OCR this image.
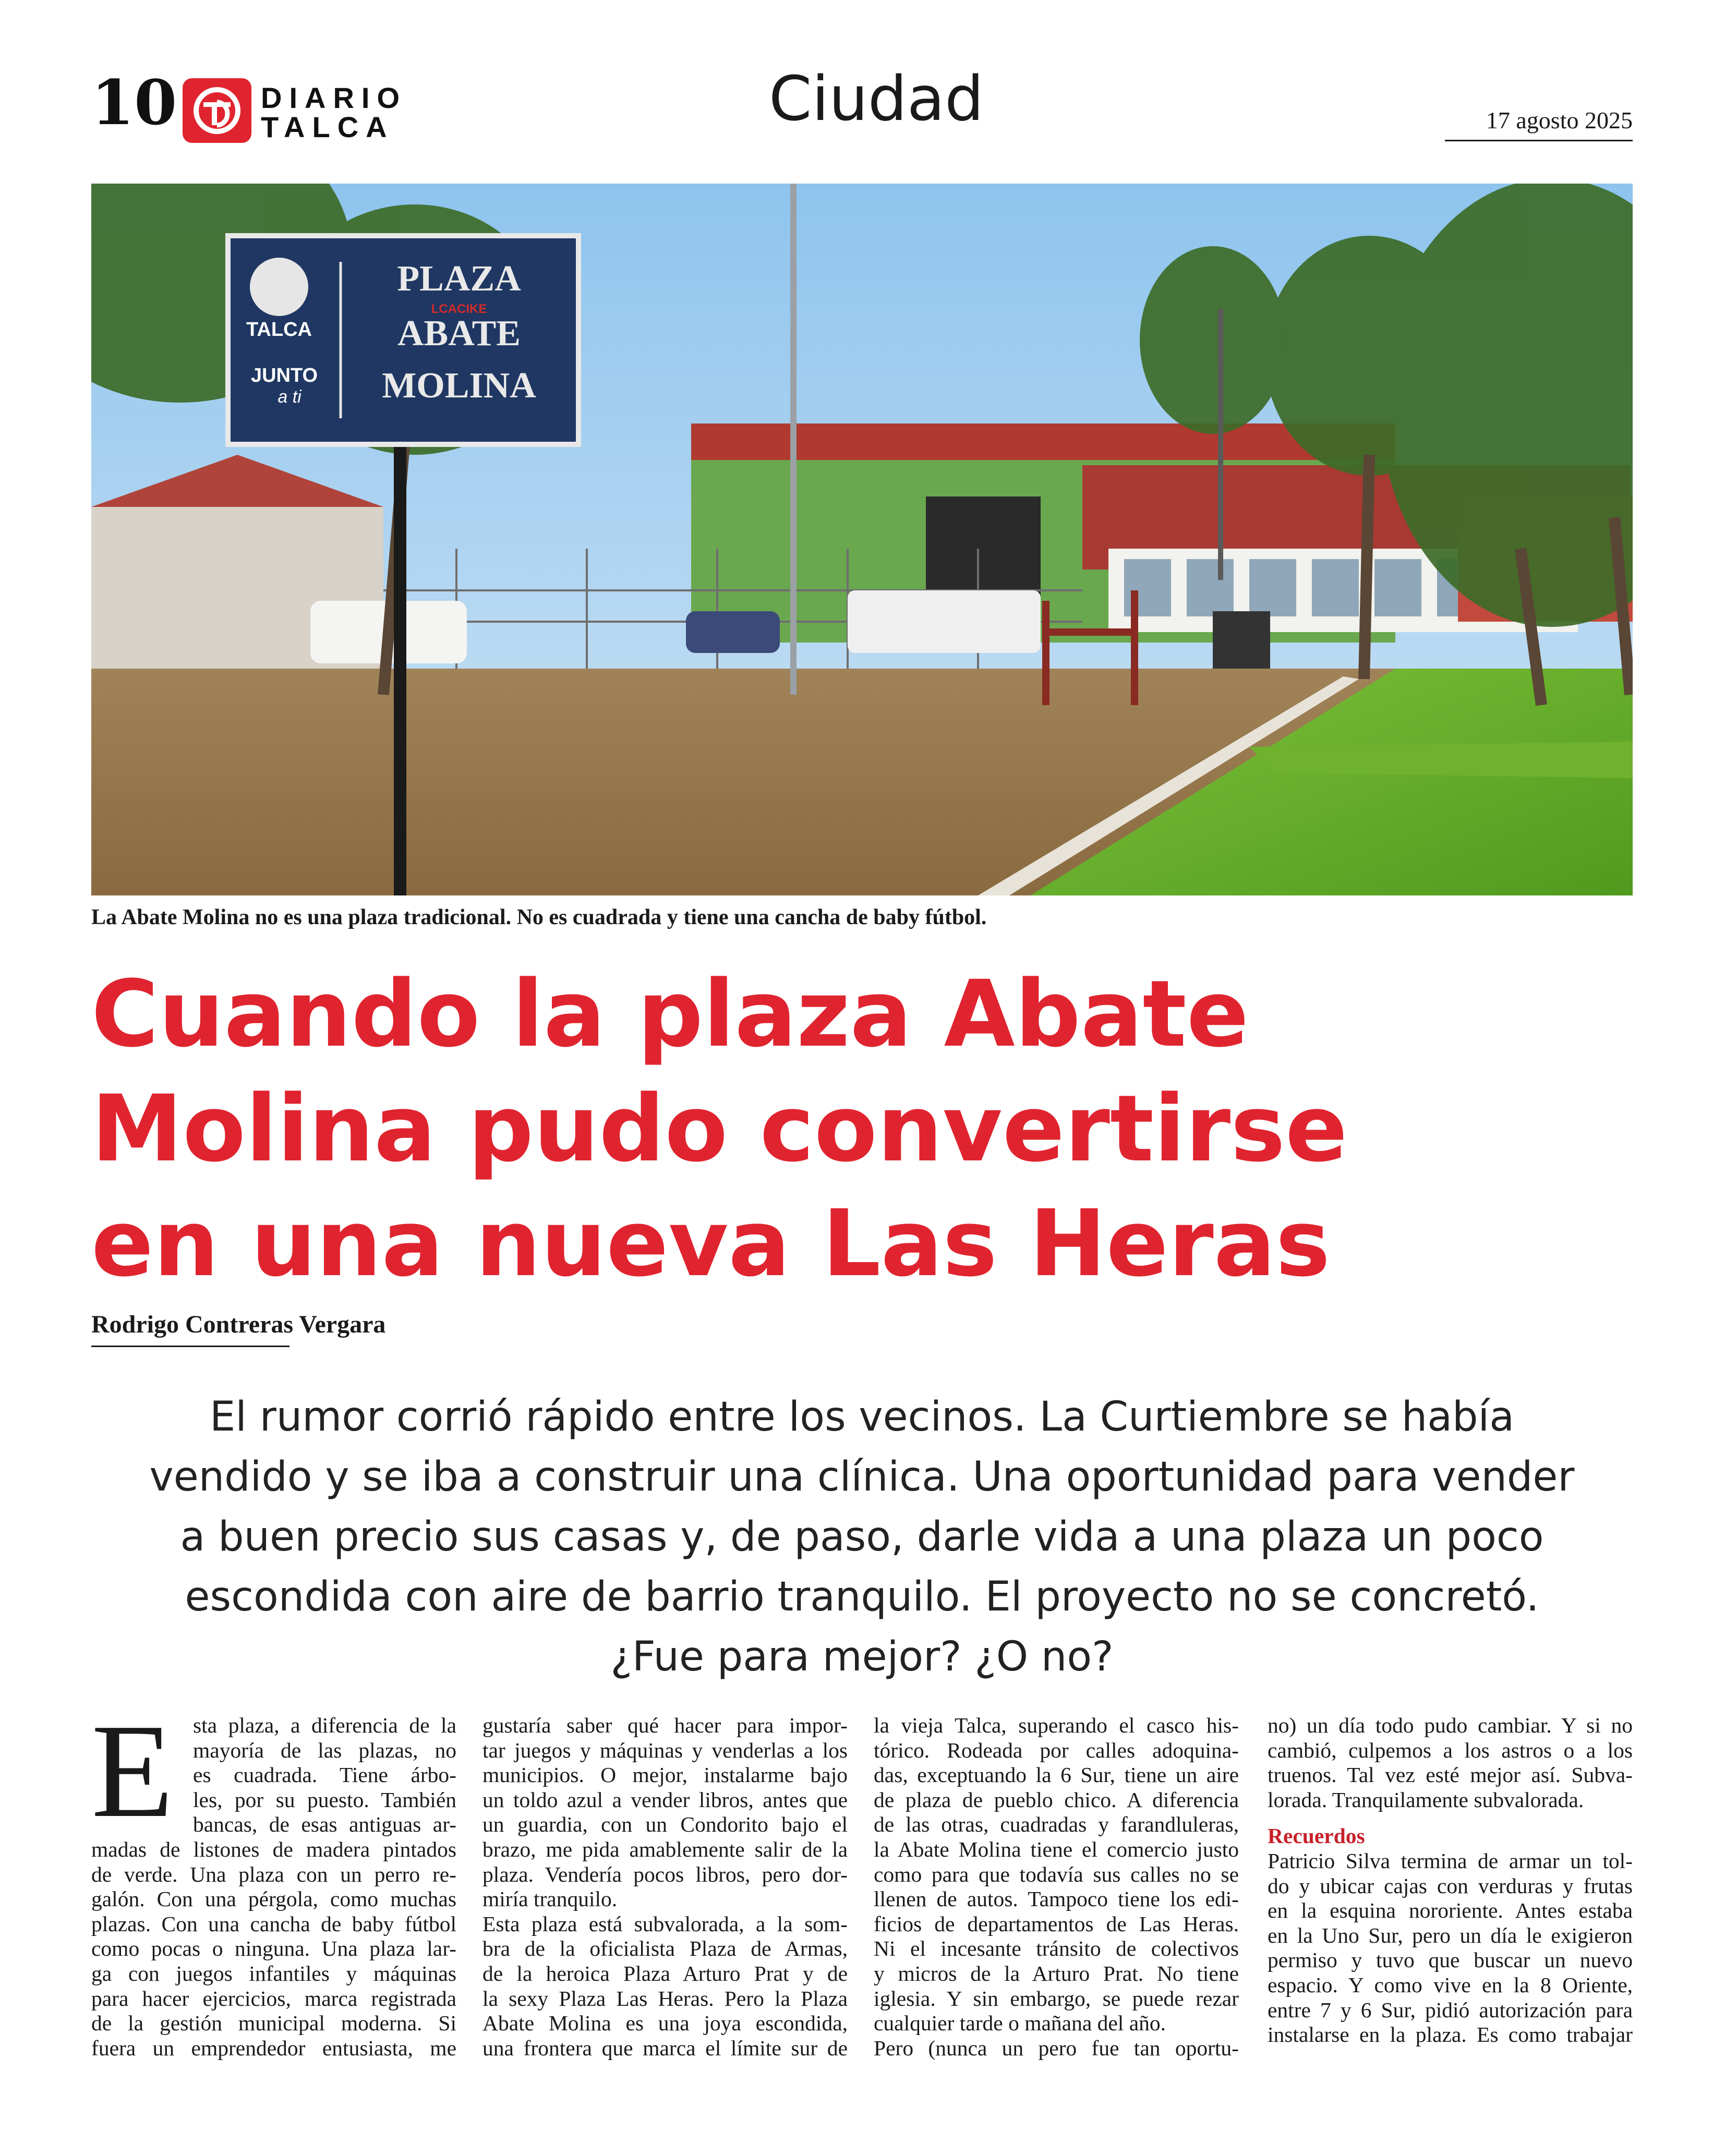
10	DIARIO
TALCA	Ciudad	17 agosto 2025
TALCA
JUNTO
a ti
PLAZA
LCACIKE
ABATE
MOLINA
La Abate Molina no es una plaza tradicional. No es cuadrada y tiene una cancha de baby fútbol.
Cuando la plaza Abate
Molina pudo convertirse
en una nueva Las Heras
Rodrigo Contreras Vergara
El rumor corrió rápido entre los vecinos. La Curtiembre se había
vendido y se iba a construir una clínica. Una oportunidad para vender
a buen precio sus casas y, de paso, darle vida a una plaza un poco
escondida con aire de barrio tranquilo. El proyecto no se concretó.
¿Fue para mejor? ¿O no?
E sta plaza, a diferencia de la
mayoría de las plazas, no
es cuadrada. Tiene árbo-
les, por su puesto. También
bancas, de esas antiguas ar-
madas de listones de madera pintados
de verde. Una plaza con un perro re-
galón. Con una pérgola, como muchas
plazas. Con una cancha de baby fútbol
como pocas o ninguna. Una plaza lar-
ga con juegos infantiles y máquinas
para hacer ejercicios, marca registrada
de la gestión municipal moderna. Si
fuera un emprendedor entusiasta, me
gustaría saber qué hacer para impor-
tar juegos y máquinas y venderlas a los
municipios. O mejor, instalarme bajo
un toldo azul a vender libros, antes que
un guardia, con un Condorito bajo el
brazo, me pida amablemente salir de la
plaza. Vendería pocos libros, pero dor-
miría tranquilo.
Esta plaza está subvalorada, a la som-
bra de la oficialista Plaza de Armas,
de la heroica Plaza Arturo Prat y de
la sexy Plaza Las Heras. Pero la Plaza
Abate Molina es una joya escondida,
una frontera que marca el límite sur de
la vieja Talca, superando el casco his-
tórico. Rodeada por calles adoquina-
das, exceptuando la 6 Sur, tiene un aire
de plaza de pueblo chico. A diferencia
de las otras, cuadradas y farandluleras,
la Abate Molina tiene el comercio justo
como para que todavía sus calles no se
llenen de autos. Tampoco tiene los edi-
ficios de departamentos de Las Heras.
Ni el incesante tránsito de colectivos
y micros de la Arturo Prat. No tiene
iglesia. Y sin embargo, se puede rezar
cualquier tarde o mañana del año.
Pero (nunca un pero fue tan oportu-
no) un día todo pudo cambiar. Y si no
cambió, culpemos a los astros o a los
truenos. Tal vez esté mejor así. Subva-
lorada. Tranquilamente subvalorada.
Recuerdos
Patricio Silva termina de armar un tol-
do y ubicar cajas con verduras y frutas
en la esquina nororiente. Antes estaba
en la Uno Sur, pero un día le exigieron
permiso y tuvo que buscar un nuevo
espacio. Y como vive en la 8 Oriente,
entre 7 y 6 Sur, pidió autorización para
instalarse en la plaza. Es como trabajar
